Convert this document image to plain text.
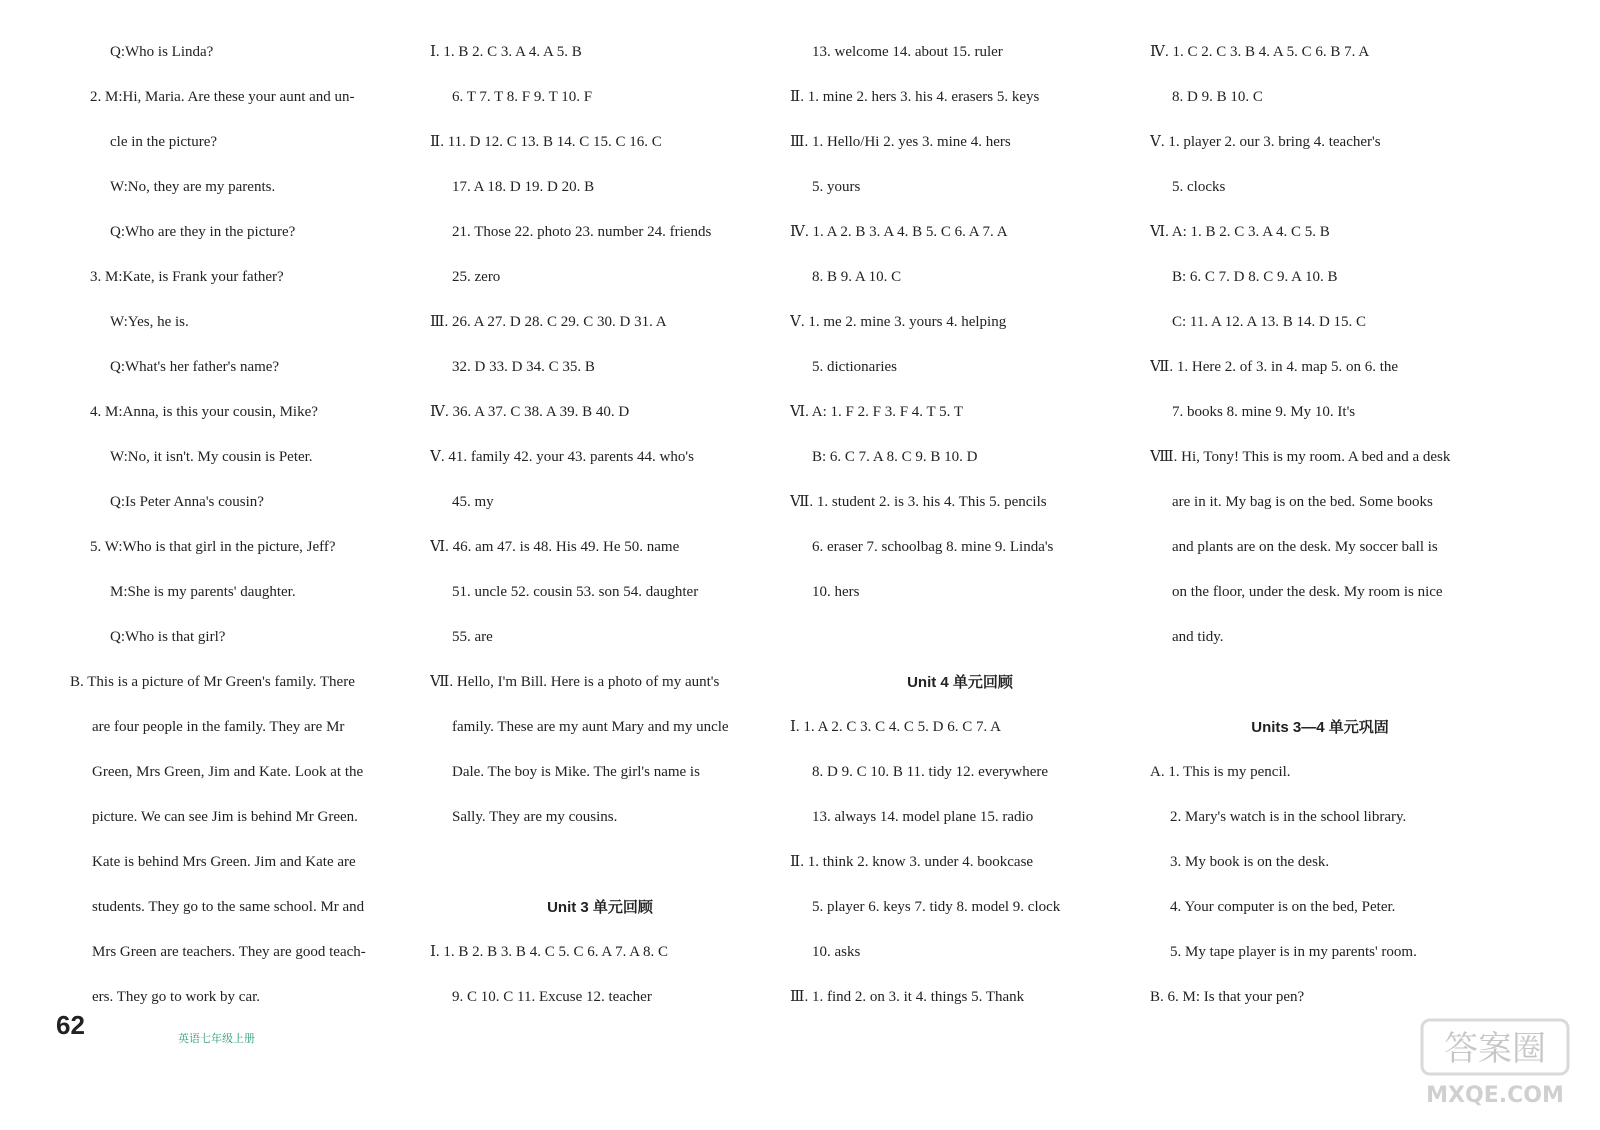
Q:Who is Linda?
2. M:Hi, Maria. Are these your aunt and un-
cle in the picture?
W:No, they are my parents.
Q:Who are they in the picture?
3. M:Kate, is Frank your father?
W:Yes, he is.
Q:What's her father's name?
4. M:Anna, is this your cousin, Mike?
W:No, it isn't. My cousin is Peter.
Q:Is Peter Anna's cousin?
5. W:Who is that girl in the picture, Jeff?
M:She is my parents' daughter.
Q:Who is that girl?
B. This is a picture of Mr Green's family. There
are four people in the family. They are Mr
Green, Mrs Green, Jim and Kate. Look at the
picture. We can see Jim is behind Mr Green.
Kate is behind Mrs Green. Jim and Kate are
students. They go to the same school. Mr and
Mrs Green are teachers. They are good teach-
ers. They go to work by car.
Ⅰ. 1. B 2. C 3. A 4. A 5. B
6. T 7. T 8. F 9. T 10. F
Ⅱ. 11. D 12. C 13. B 14. C 15. C 16. C
17. A 18. D 19. D 20. B
21. Those 22. photo 23. number 24. friends
25. zero
Ⅲ. 26. A 27. D 28. C 29. C 30. D 31. A
32. D 33. D 34. C 35. B
Ⅳ. 36. A 37. C 38. A 39. B 40. D
Ⅴ. 41. family 42. your 43. parents 44. who's
45. my
Ⅵ. 46. am 47. is 48. His 49. He 50. name
51. uncle 52. cousin 53. son 54. daughter
55. are
Ⅶ. Hello, I'm Bill. Here is a photo of my aunt's
family. These are my aunt Mary and my uncle
Dale. The boy is Mike. The girl's name is
Sally. They are my cousins.
Unit 3 单元回顾
Ⅰ. 1. B 2. B 3. B 4. C 5. C 6. A 7. A 8. C
9. C 10. C 11. Excuse 12. teacher
13. welcome 14. about 15. ruler
Ⅱ. 1. mine 2. hers 3. his 4. erasers 5. keys
Ⅲ. 1. Hello/Hi 2. yes 3. mine 4. hers
5. yours
Ⅳ. 1. A 2. B 3. A 4. B 5. C 6. A 7. A
8. B 9. A 10. C
Ⅴ. 1. me 2. mine 3. yours 4. helping
5. dictionaries
Ⅵ. A: 1. F 2. F 3. F 4. T 5. T
B: 6. C 7. A 8. C 9. B 10. D
Ⅶ. 1. student 2. is 3. his 4. This 5. pencils
6. eraser 7. schoolbag 8. mine 9. Linda's
10. hers
Unit 4 单元回顾
Ⅰ. 1. A 2. C 3. C 4. C 5. D 6. C 7. A
8. D 9. C 10. B 11. tidy 12. everywhere
13. always 14. model plane 15. radio
Ⅱ. 1. think 2. know 3. under 4. bookcase
5. player 6. keys 7. tidy 8. model 9. clock
10. asks
Ⅲ. 1. find 2. on 3. it 4. things 5. Thank
Ⅳ. 1. C 2. C 3. B 4. A 5. C 6. B 7. A
8. D 9. B 10. C
Ⅴ. 1. player 2. our 3. bring 4. teacher's
5. clocks
Ⅵ. A: 1. B 2. C 3. A 4. C 5. B
B: 6. C 7. D 8. C 9. A 10. B
C: 11. A 12. A 13. B 14. D 15. C
Ⅶ. 1. Here 2. of 3. in 4. map 5. on 6. the
7. books 8. mine 9. My 10. It's
Ⅷ. Hi, Tony! This is my room. A bed and a desk
are in it. My bag is on the bed. Some books
and plants are on the desk. My soccer ball is
on the floor, under the desk. My room is nice
and tidy.
Units 3—4 单元巩固
A. 1. This is my pencil.
2. Mary's watch is in the school library.
3. My book is on the desk.
4. Your computer is on the bed, Peter.
5. My tape player is in my parents' room.
B. 6. M: Is that your pen?
62	英语七年级上册	答案圈
MXQE.COM
